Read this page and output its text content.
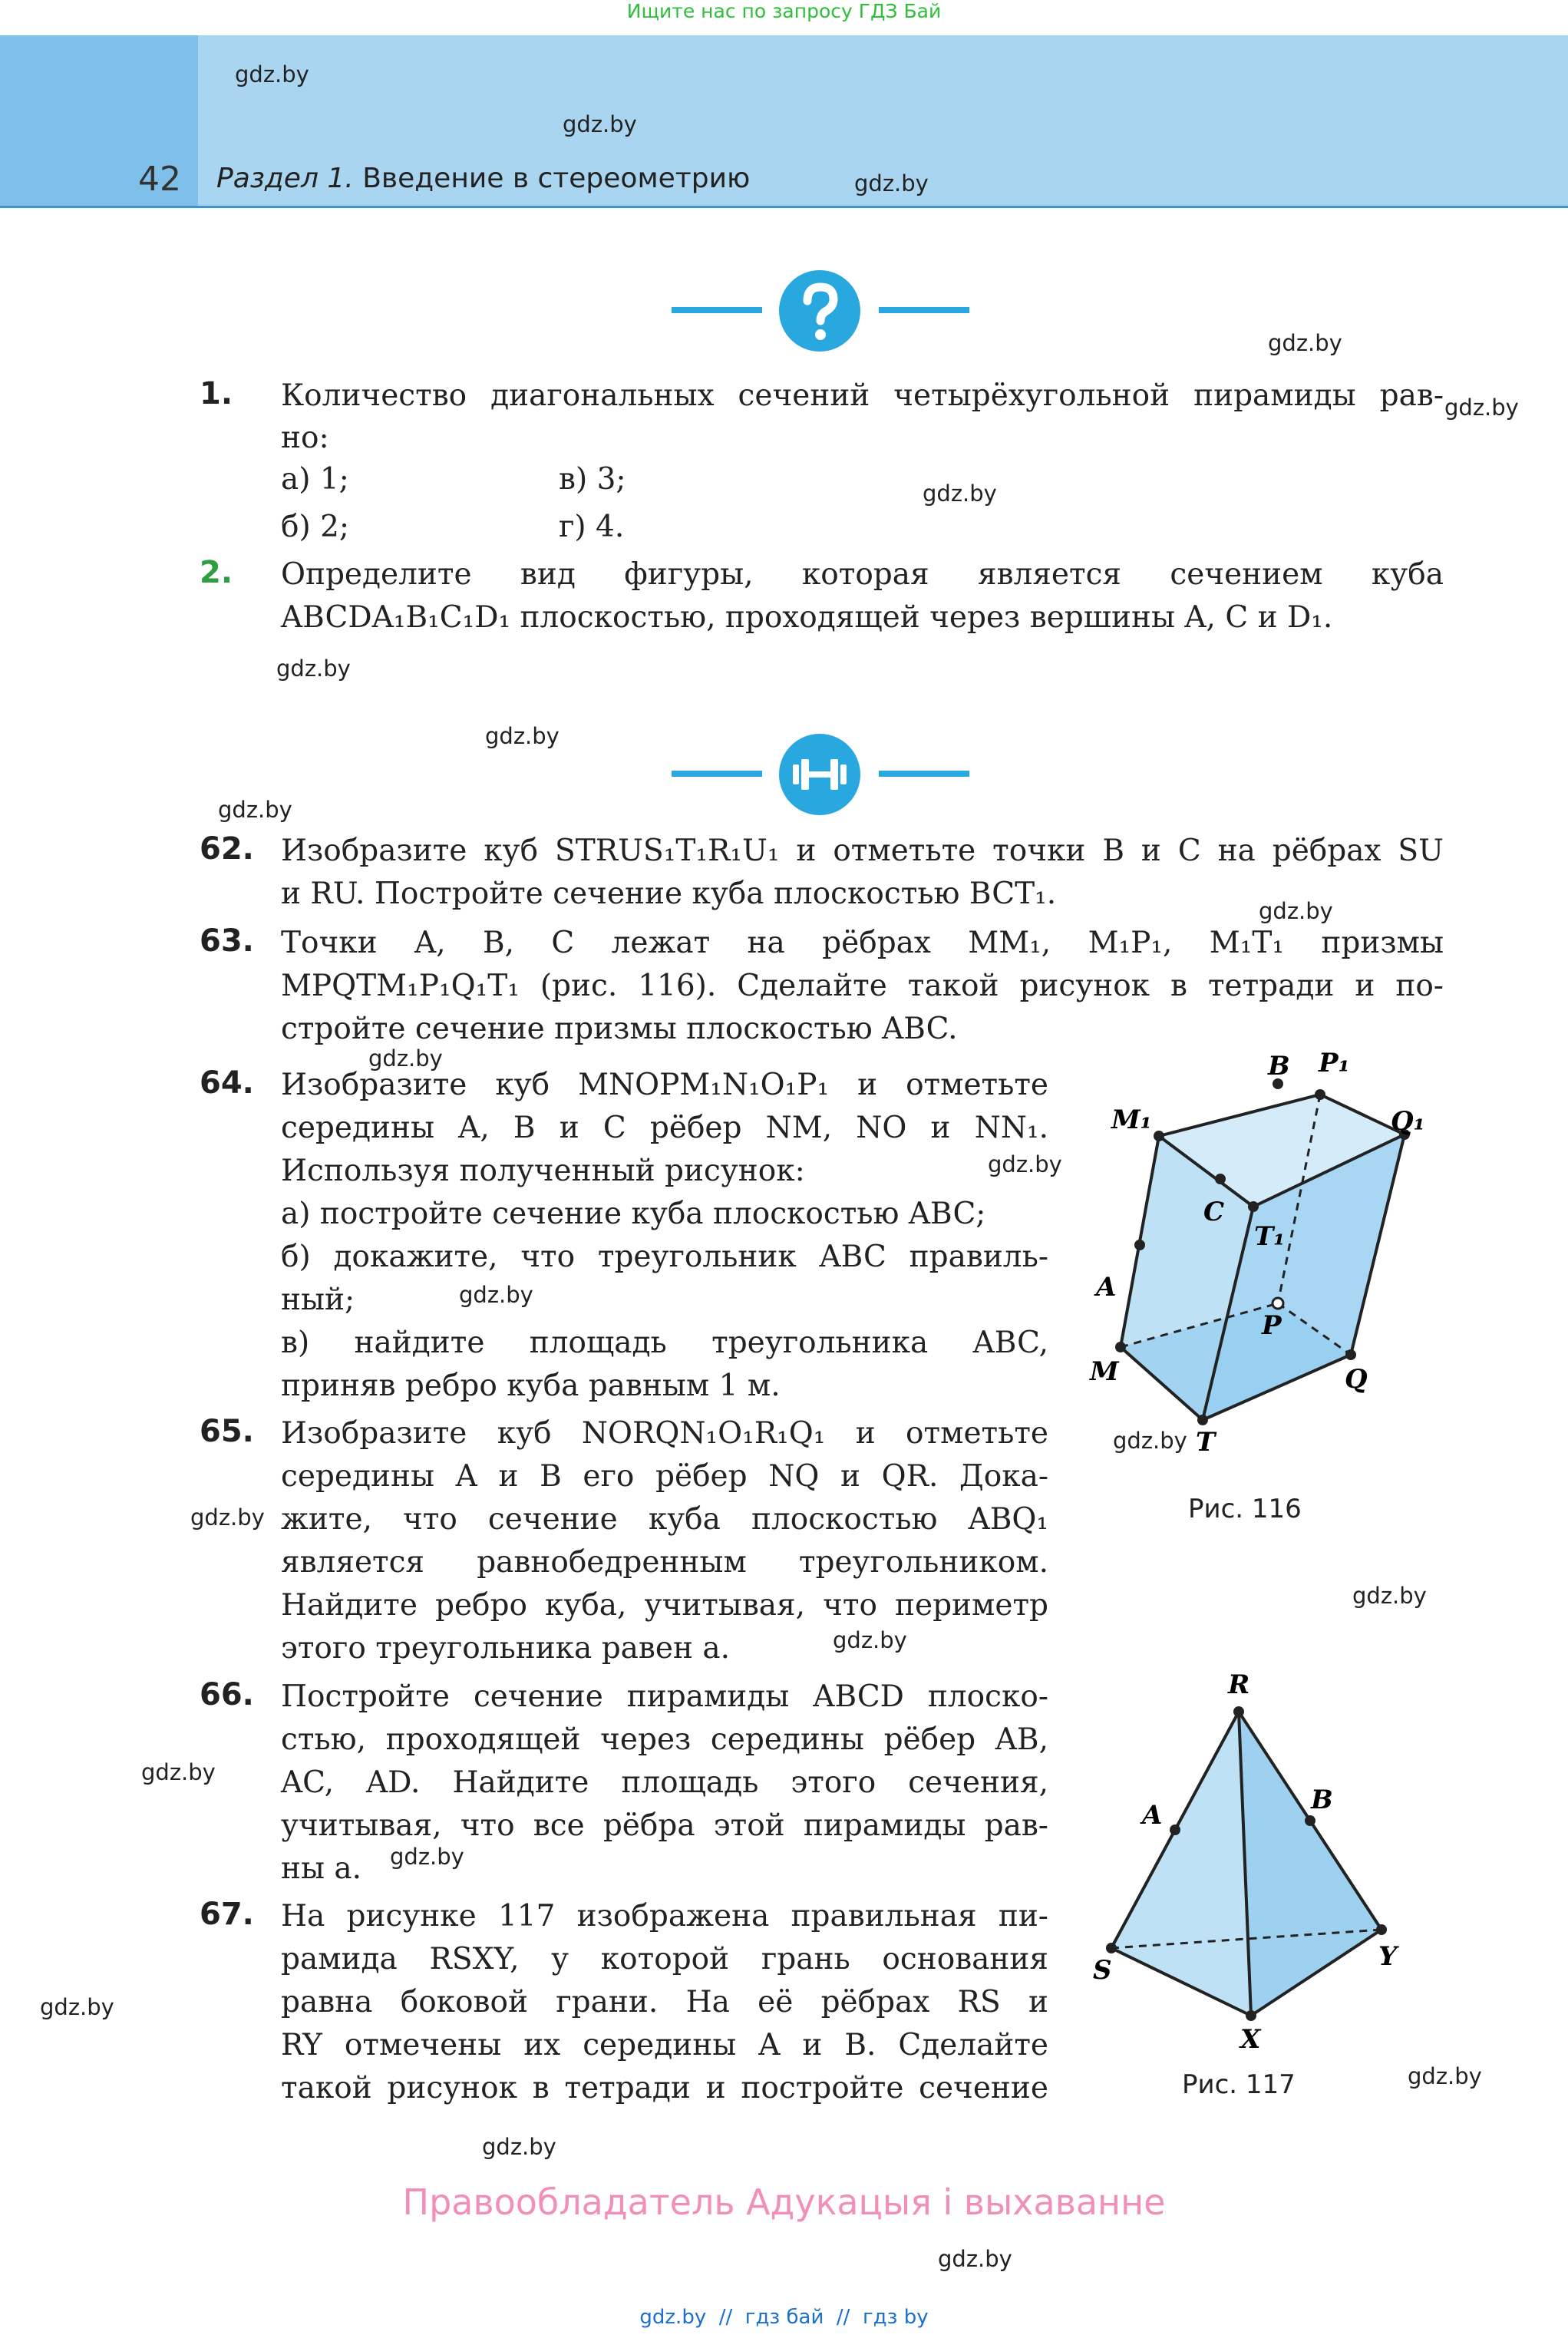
Ищите нас по запросу ГДЗ Бай
42 Раздел 1. Введение в стереометрию
gdz.by
gdz.by
gdz.by
gdz.by
gdz.by
gdz.by
gdz.by
gdz.by
gdz.by
gdz.by
gdz.by
gdz.by
gdz.by
gdz.by
gdz.by
gdz.by
gdz.by
gdz.by
gdz.by
gdz.by
gdz.by
gdz.by
gdz.by
1. Количество диагональных сечений четырёхугольной пирамиды рав-
но:
а) 1;	в) 3;
б) 2;	г) 4.
2. Определите вид фигуры, которая является сечением куба
ABCDA₁B₁C₁D₁ плоскостью, проходящей через вершины A, C и D₁.
62. Изобразите куб STRUS₁T₁R₁U₁ и отметьте точки B и C на рёбрах SU
и RU. Постройте сечение куба плоскостью BCT₁.
63. Точки A, B, C лежат на рёбрах MM₁, M₁P₁, M₁T₁ призмы
MPQTM₁P₁Q₁T₁ (рис. 116). Сделайте такой рисунок в тетради и по-
стройте сечение призмы плоскостью ABC.
64. Изобразите куб MNOPM₁N₁O₁P₁ и отметьте
середины A, B и C рёбер NM, NO и NN₁.
Используя полученный рисунок:
а) постройте сечение куба плоскостью ABC;
б) докажите, что треугольник ABC правиль-
ный;
в) найдите площадь треугольника ABC,
приняв ребро куба равным 1 м.
65. Изобразите куб NORQN₁O₁R₁Q₁ и отметьте
середины A и B его рёбер NQ и QR. Дока-
жите, что сечение куба плоскостью ABQ₁
является равнобедренным треугольником.
Найдите ребро куба, учитывая, что периметр
этого треугольника равен a.
66. Постройте сечение пирамиды ABCD плоско-
стью, проходящей через середины рёбер AB,
AC, AD. Найдите площадь этого сечения,
учитывая, что все рёбра этой пирамиды рав-
ны a.
67. На рисунке 117 изображена правильная пи-
рамида RSXY, у которой грань основания
равна боковой грани. На её рёбрах RS и
RY отмечены их середины A и B. Сделайте
такой рисунок в тетради и постройте сечение
M₁
B P₁
Q₁
C
T₁
A
P
M	Q
T
Рис. 116
R
A	B
S	Y
X
Рис. 117
Правообладатель Адукацыя і выхаванне
gdz.by  //  гдз бай  //  гдз by
